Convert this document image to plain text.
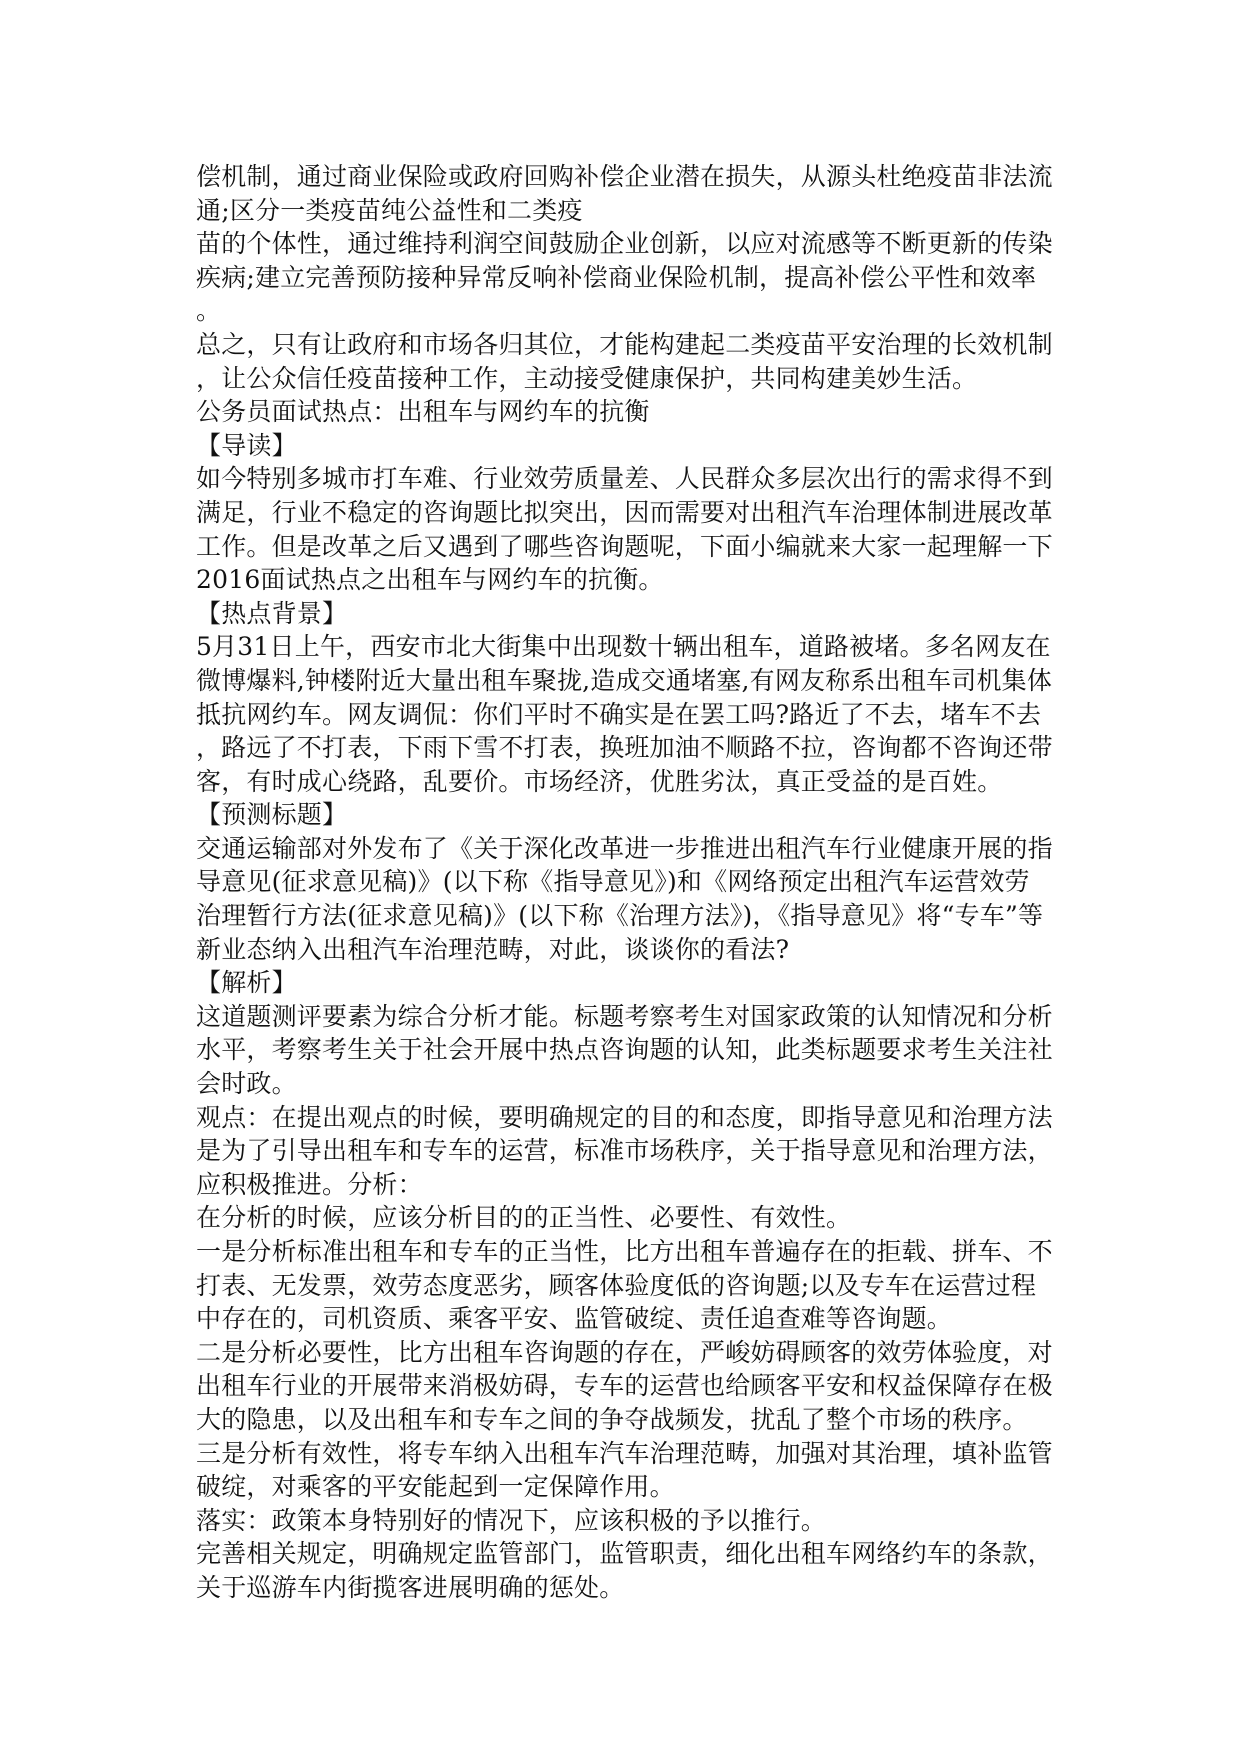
偿机制，通过商业保险或政府回购补偿企业潜在损失，从源头杜绝疫苗非法流
通;区分一类疫苗纯公益性和二类疫
苗的个体性，通过维持利润空间鼓励企业创新，以应对流感等不断更新的传染
疾病;建立完善预防接种异常反响补偿商业保险机制，提高补偿公平性和效率
。
总之，只有让政府和市场各归其位，才能构建起二类疫苗平安治理的长效机制
，让公众信任疫苗接种工作，主动接受健康保护，共同构建美妙生活。
公务员面试热点：出租车与网约车的抗衡
【导读】
如今特别多城市打车难、行业效劳质量差、人民群众多层次出行的需求得不到
满足，行业不稳定的咨询题比拟突出，因而需要对出租汽车治理体制进展改革
工作。但是改革之后又遇到了哪些咨询题呢，下面小编就来大家一起理解一下
2016面试热点之出租车与网约车的抗衡。
【热点背景】
5月31日上午，西安市北大街集中出现数十辆出租车，道路被堵。多名网友在
微博爆料,钟楼附近大量出租车聚拢,造成交通堵塞,有网友称系出租车司机集体
抵抗网约车。网友调侃：你们平时不确实是在罢工吗?路近了不去，堵车不去
，路远了不打表，下雨下雪不打表，换班加油不顺路不拉，咨询都不咨询还带
客，有时成心绕路，乱要价。市场经济，优胜劣汰，真正受益的是百姓。
【预测标题】
交通运输部对外发布了《关于深化改革进一步推进出租汽车行业健康开展的指
导意见(征求意见稿)》(以下称《指导意见》)和《网络预定出租汽车运营效劳
治理暂行方法(征求意见稿)》(以下称《治理方法》)，《指导意见》将“专车”等
新业态纳入出租汽车治理范畴，对此，谈谈你的看法?
【解析】
这道题测评要素为综合分析才能。标题考察考生对国家政策的认知情况和分析
水平，考察考生关于社会开展中热点咨询题的认知，此类标题要求考生关注社
会时政。
观点：在提出观点的时候，要明确规定的目的和态度，即指导意见和治理方法
是为了引导出租车和专车的运营，标准市场秩序，关于指导意见和治理方法，
应积极推进。分析：
在分析的时候，应该分析目的的正当性、必要性、有效性。
一是分析标准出租车和专车的正当性，比方出租车普遍存在的拒载、拼车、不
打表、无发票，效劳态度恶劣，顾客体验度低的咨询题;以及专车在运营过程
中存在的，司机资质、乘客平安、监管破绽、责任追查难等咨询题。
二是分析必要性，比方出租车咨询题的存在，严峻妨碍顾客的效劳体验度，对
出租车行业的开展带来消极妨碍，专车的运营也给顾客平安和权益保障存在极
大的隐患，以及出租车和专车之间的争夺战频发，扰乱了整个市场的秩序。
三是分析有效性，将专车纳入出租车汽车治理范畴，加强对其治理，填补监管
破绽，对乘客的平安能起到一定保障作用。
落实：政策本身特别好的情况下，应该积极的予以推行。
完善相关规定，明确规定监管部门，监管职责，细化出租车网络约车的条款，
关于巡游车内街揽客进展明确的惩处。
